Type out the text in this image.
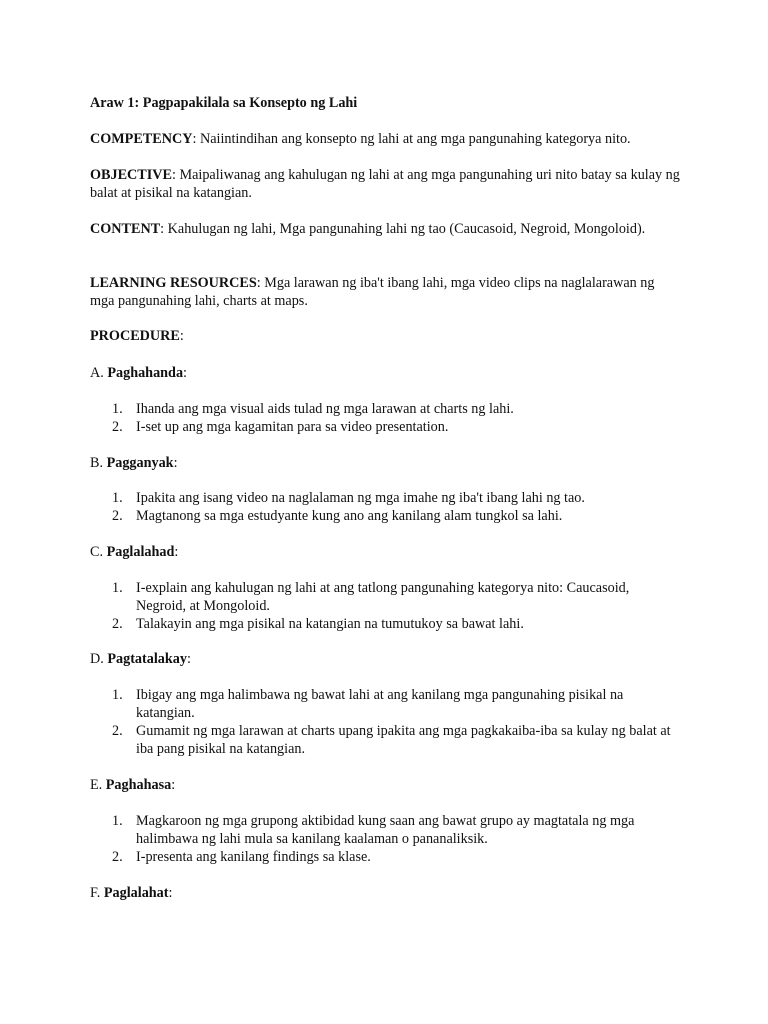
Araw 1: Pagpapakilala sa Konsepto ng Lahi

COMPETENCY: Naiintindihan ang konsepto ng lahi at ang mga pangunahing kategorya nito.

OBJECTIVE: Maipaliwanag ang kahulugan ng lahi at ang mga pangunahing uri nito batay sa kulay ng balat at pisikal na katangian.

CONTENT: Kahulugan ng lahi, Mga pangunahing lahi ng tao (Caucasoid, Negroid, Mongoloid).

LEARNING RESOURCES: Mga larawan ng iba't ibang lahi, mga video clips na naglalarawan ng mga pangunahing lahi, charts at maps.

PROCEDURE:

A. Paghahanda:

1. Ihanda ang mga visual aids tulad ng mga larawan at charts ng lahi.
2. I-set up ang mga kagamitan para sa video presentation.

B. Pagganyak:

1. Ipakita ang isang video na naglalaman ng mga imahe ng iba't ibang lahi ng tao.
2. Magtanong sa mga estudyante kung ano ang kanilang alam tungkol sa lahi.

C. Paglalahad:

1. I-explain ang kahulugan ng lahi at ang tatlong pangunahing kategorya nito: Caucasoid, Negroid, at Mongoloid.
2. Talakayin ang mga pisikal na katangian na tumutukoy sa bawat lahi.

D. Pagtatalakay:

1. Ibigay ang mga halimbawa ng bawat lahi at ang kanilang mga pangunahing pisikal na katangian.
2. Gumamit ng mga larawan at charts upang ipakita ang mga pagkakaiba-iba sa kulay ng balat at iba pang pisikal na katangian.

E. Paghahasa:

1. Magkaroon ng mga grupong aktibidad kung saan ang bawat grupo ay magtatala ng mga halimbawa ng lahi mula sa kanilang kaalaman o pananaliksik.
2. I-presenta ang kanilang findings sa klase.

F. Paglalahat:
